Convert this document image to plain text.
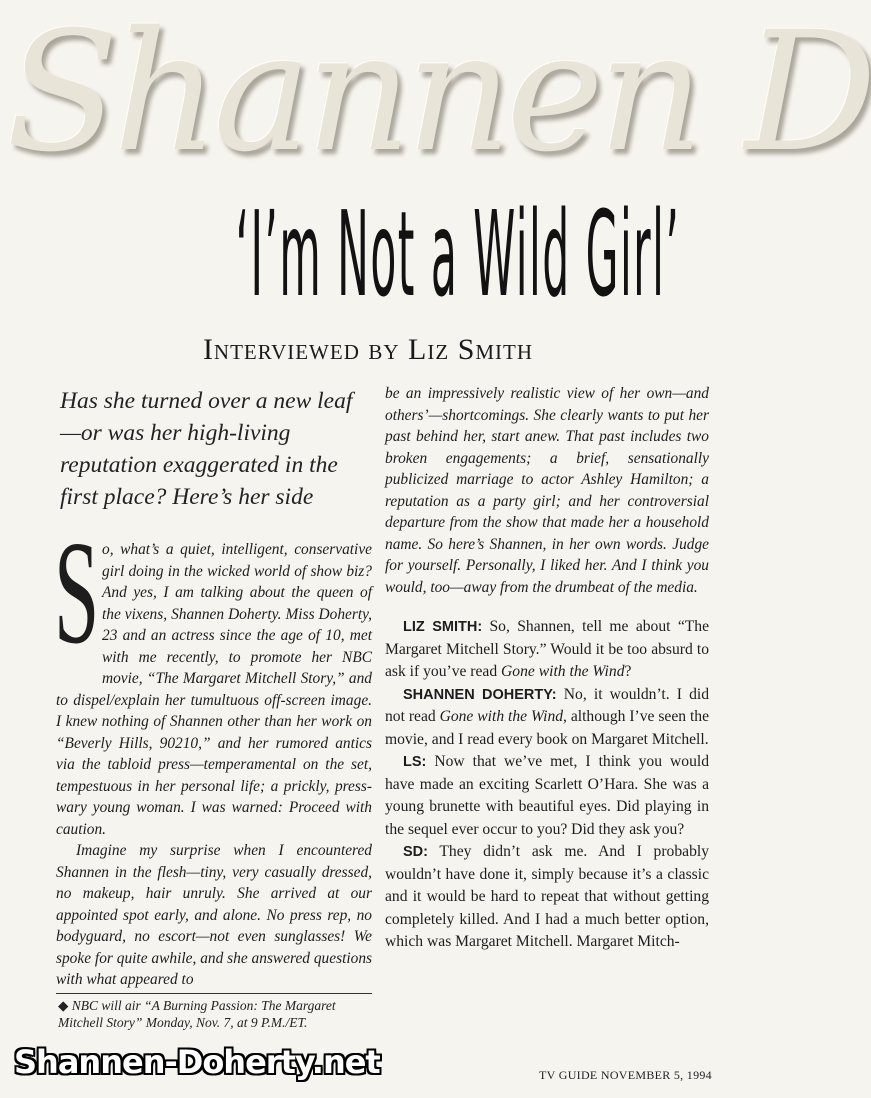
Shannen D
‘I’m Not a Wild Girl’
Interviewed by Liz Smith

Has she turned over a new leaf—or was her high-living reputation exaggerated in the first place? Here’s her side

S o, what’s a quiet, intelligent, conservative girl doing in the wicked world of show biz? And yes, I am talking about the queen of the vixens, Shannen Doherty. Miss Doherty, 23 and an actress since the age of 10, met with me recently, to promote her NBC movie, “The Margaret Mitchell Story,” and to dispel/explain her tumultuous off-screen image. I knew nothing of Shannen other than her work on “Beverly Hills, 90210,” and her rumored antics via the tabloid press—temperamental on the set, tempestuous in her personal life; a prickly, press-wary young woman. I was warned: Proceed with caution.

Imagine my surprise when I encountered Shannen in the flesh—tiny, very casually dressed, no makeup, hair unruly. She arrived at our appointed spot early, and alone. No press rep, no bodyguard, no escort—not even sunglasses! We spoke for quite awhile, and she answered questions with what appeared to

◆ NBC will air “A Burning Passion: The Margaret Mitchell Story” Monday, Nov. 7, at 9 P.M./ET.

be an impressively realistic view of her own—and others’—shortcomings. She clearly wants to put her past behind her, start anew. That past includes two broken engagements; a brief, sensationally publicized marriage to actor Ashley Hamilton; a reputation as a party girl; and her controversial departure from the show that made her a household name. So here’s Shannen, in her own words. Judge for yourself. Personally, I liked her. And I think you would, too—away from the drumbeat of the media.

LIZ SMITH: So, Shannen, tell me about “The Margaret Mitchell Story.” Would it be too absurd to ask if you’ve read Gone with the Wind?

SHANNEN DOHERTY: No, it wouldn’t. I did not read Gone with the Wind, although I’ve seen the movie, and I read every book on Margaret Mitchell.

LS: Now that we’ve met, I think you would have made an exciting Scarlett O’Hara. She was a young brunette with beautiful eyes. Did playing in the sequel ever occur to you? Did they ask you?

SD: They didn’t ask me. And I probably wouldn’t have done it, simply because it’s a classic and it would be hard to repeat that without getting completely killed. And I had a much better option, which was Margaret Mitchell. Margaret Mitch-

Shannen-Doherty.net	TV GUIDE NOVEMBER 5, 1994
